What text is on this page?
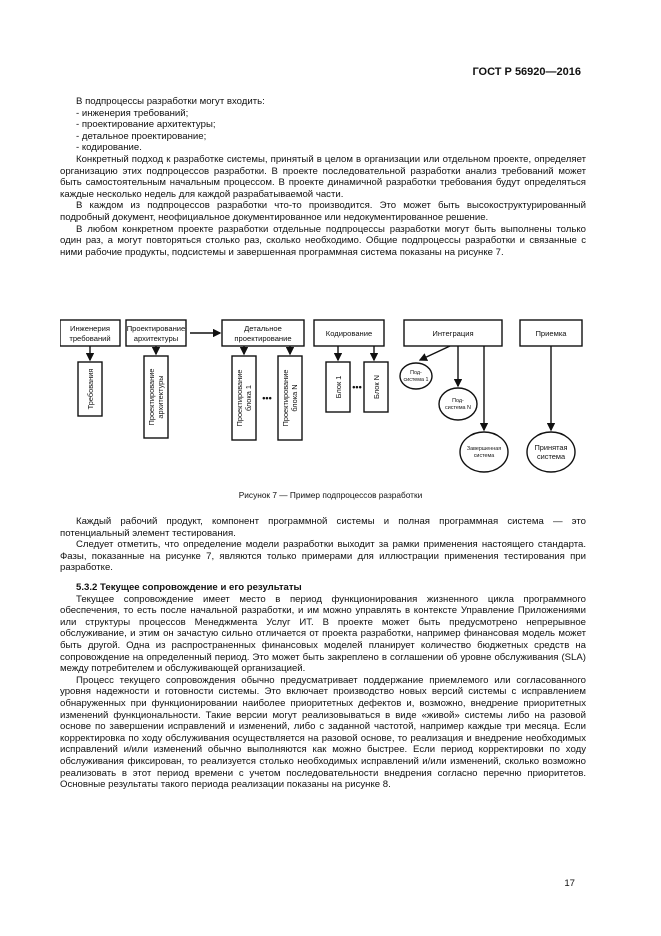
ГОСТ Р 56920—2016

В подпроцессы разработки могут входить:

- инженерия требований;

- проектирование архитектуры;

- детальное проектирование;

- кодирование.

Конкретный подход к разработке системы, принятый в целом в организации или отдельном проекте, определяет организацию этих подпроцессов разработки. В проекте последовательной разработки анализ требований может быть самостоятельным начальным процессом. В проекте динамичной разработки требования будут определяться каждые несколько недель для каждой разрабатываемой части.

В каждом из подпроцессов разработки что-то производится. Это может быть высокоструктурированный подробный документ, неофициальное документированное или недокументированное решение.

В любом конкретном проекте разработки отдельные подпроцессы разработки могут быть выполнены только один раз, а могут повторяться столько раз, сколько необходимо. Общие подпроцессы разработки и связанные с ними рабочие продукты, подсистемы и завершенная программная система показаны на рисунке 7.

Инженерия
требований
Проектирование
архитектуры
Детальное
проектирование
Кодирование	Интеграция	Приемка
Требования	Проектирование архитектуры	Проектирование блока 1	Проектирование блока N	Блок 1	Блок N
•••
•••
Под-
система 1
Под-
система N
Завершенная
система
Принятая
система
Рисунок 7 — Пример подпроцессов разработки

Каждый рабочий продукт, компонент программной системы и полная программная система — это потенциальный элемент тестирования.

Следует отметить, что определение модели разработки выходит за рамки применения настоящего стандарта. Фазы, показанные на рисунке 7, являются только примерами для иллюстрации применения тестирования при разработке.

5.3.2 Текущее сопровождение и его результаты

Текущее сопровождение имеет место в период функционирования жизненного цикла программного обеспечения, то есть после начальной разработки, и им можно управлять в контексте Управление Приложениями или структуры процессов Менеджмента Услуг ИТ. В проекте может быть предусмотрено непрерывное обслуживание, и этим он зачастую сильно отличается от проекта разработки, например финансовая модель может быть другой. Одна из распространенных финансовых моделей планирует количество бюджетных средств на сопровождение на определенный период. Это может быть закреплено в соглашении об уровне обслуживания (SLA) между потребителем и обслуживающей организацией.

Процесс текущего сопровождения обычно предусматривает поддержание приемлемого или согласованного уровня надежности и готовности системы. Это включает производство новых версий системы с исправлением обнаруженных при функционировании наиболее приоритетных дефектов и, возможно, внедрение приоритетных изменений функциональности. Такие версии могут реализовываться в виде «живой» системы либо на разовой основе по завершении исправлений и изменений, либо с заданной частотой, например каждые три месяца. Если корректировка по ходу обслуживания осуществляется на разовой основе, то реализация и внедрение необходимых исправлений и/или изменений обычно выполняются как можно быстрее. Если период корректировки по ходу обслуживания фиксирован, то реализуется столько необходимых исправлений и/или изменений, сколько возможно реализовать в этот период времени с учетом последовательности внедрения согласно перечню приоритетов. Основные результаты такого периода реализации показаны на рисунке 8.

17
